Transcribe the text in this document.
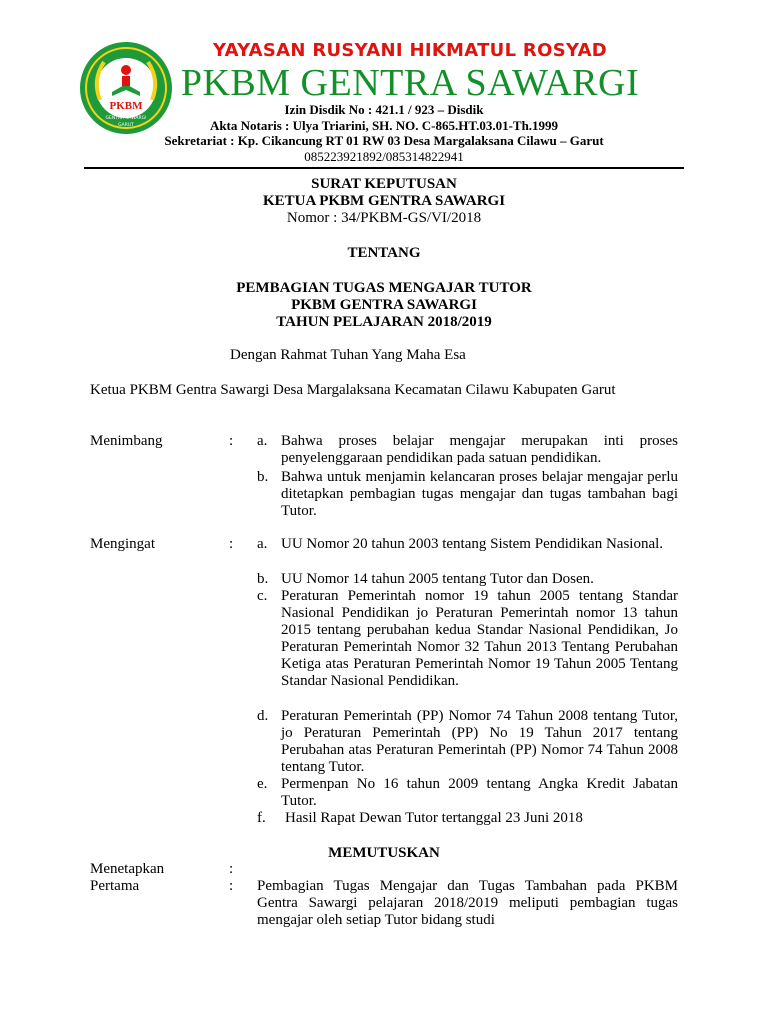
PKBM
GENTRA SAWARGI
GARUT
YAYASAN RUSYANI HIKMATUL ROSYAD
PKBM GENTRA SAWARGI
Izin Disdik No : 421.1 / 923 – Disdik
Akta Notaris : Ulya Triarini, SH. NO. C-865.HT.03.01-Th.1999
Sekretariat : Kp. Cikancung RT 01 RW 03 Desa Margalaksana Cilawu – Garut
085223921892/085314822941
SURAT KEPUTUSAN
KETUA PKBM GENTRA SAWARGI
Nomor : 34/PKBM-GS/VI/2018
TENTANG
PEMBAGIAN TUGAS MENGAJAR TUTOR
PKBM GENTRA SAWARGI
TAHUN PELAJARAN 2018/2019
Dengan Rahmat Tuhan Yang Maha Esa
Ketua PKBM Gentra Sawargi Desa Margalaksana Kecamatan Cilawu Kabupaten Garut
Menimbang	: a. Bahwa proses belajar mengajar merupakan inti proses penyelenggaraan pendidikan pada satuan pendidikan.
b. Bahwa untuk menjamin kelancaran proses belajar mengajar perlu ditetapkan pembagian tugas mengajar dan tugas tambahan bagi Tutor.
Mengingat	: a. UU Nomor 20 tahun 2003 tentang Sistem Pendidikan Nasional.
b. UU Nomor 14 tahun 2005 tentang Tutor dan Dosen.
c. Peraturan Pemerintah nomor 19 tahun 2005 tentang Standar Nasional Pendidikan jo Peraturan Pemerintah nomor 13 tahun 2015 tentang perubahan kedua Standar Nasional Pendidikan, Jo Peraturan Pemerintah Nomor 32 Tahun 2013 Tentang Perubahan Ketiga atas Peraturan Pemerintah Nomor 19 Tahun 2005 Tentang Standar Nasional Pendidikan.
d. Peraturan Pemerintah (PP) Nomor 74 Tahun 2008 tentang Tutor, jo Peraturan Pemerintah (PP) No 19 Tahun 2017 tentang Perubahan atas Peraturan Pemerintah (PP) Nomor 74 Tahun 2008 tentang Tutor.
e. Permenpan No 16 tahun 2009 tentang Angka Kredit Jabatan Tutor.
f.	Hasil Rapat Dewan Tutor tertanggal 23 Juni 2018
MEMUTUSKAN
Menetapkan	:
Pertama	: Pembagian Tugas Mengajar dan Tugas Tambahan pada PKBM Gentra Sawargi pelajaran 2018/2019 meliputi pembagian tugas mengajar oleh setiap Tutor bidang studi
